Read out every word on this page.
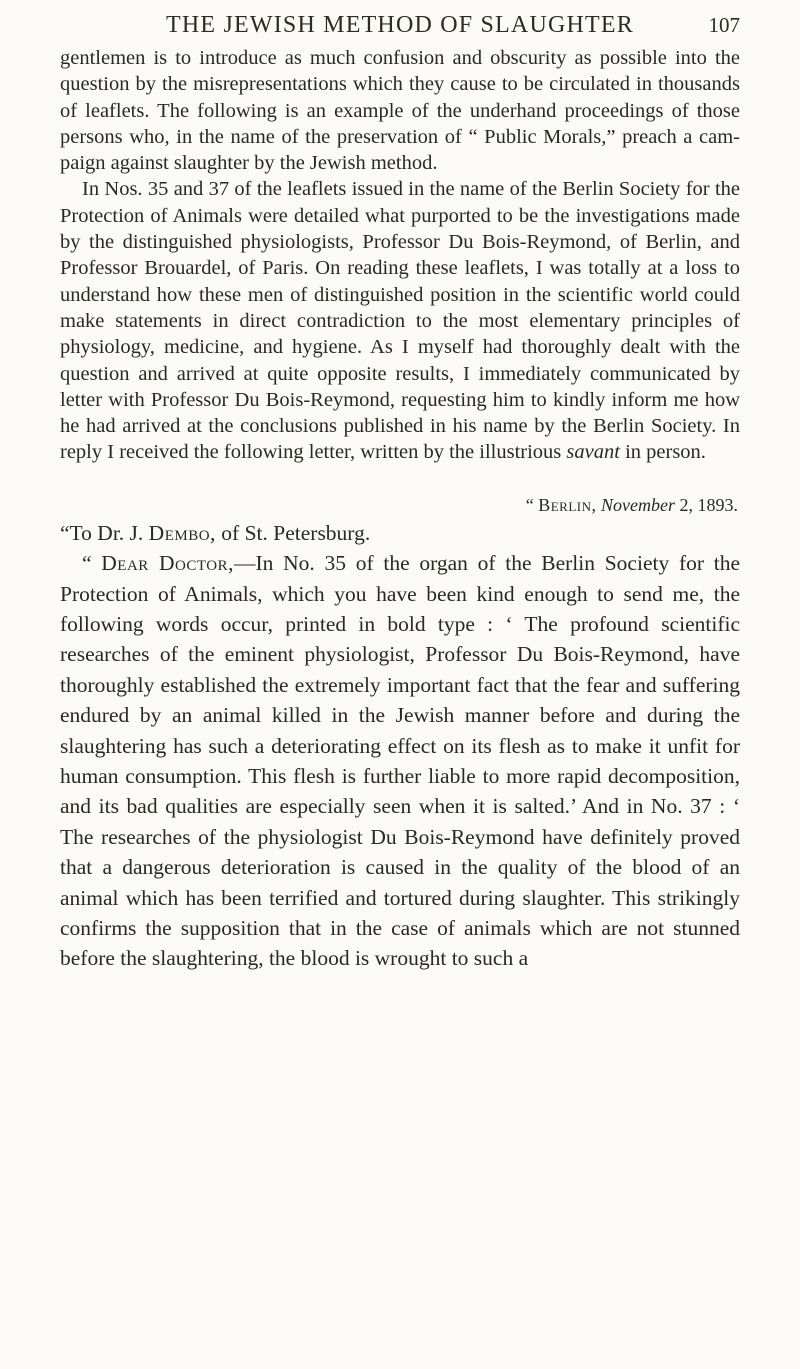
THE JEWISH METHOD OF SLAUGHTER	107

gentlemen is to introduce as much confusion and obscurity as possible into the question by the misrepresentations which they cause to be circulated in thousands of leaflets. The following is an example of the underhand proceedings of those persons who, in the name of the preservation of “ Public Morals,” preach a campaign against slaughter by the Jewish method.

In Nos. 35 and 37 of the leaflets issued in the name of the Berlin Society for the Protection of Animals were detailed what purported to be the investigations made by the distinguished physiologists, Professor Du Bois-Reymond, of Berlin, and Professor Brouardel, of Paris. On reading these leaflets, I was totally at a loss to understand how these men of distinguished position in the scientific world could make statements in direct contradiction to the most elementary principles of physiology, medicine, and hygiene. As I myself had thoroughly dealt with the question and arrived at quite opposite results, I immediately communicated by letter with Professor Du Bois-Reymond, requesting him to kindly inform me how he had arrived at the conclusions published in his name by the Berlin Society. In reply I received the following letter, written by the illustrious savant in person.

“ Berlin, November 2, 1893.

“To Dr. J. Dembo, of St. Petersburg.

“ Dear Doctor,—In No. 35 of the organ of the Berlin Society for the Protection of Animals, which you have been kind enough to send me, the following words occur, printed in bold type : ‘ The profound scientific researches of the eminent physiologist, Professor Du Bois-Reymond, have thoroughly established the extremely important fact that the fear and suffering endured by an animal killed in the Jewish manner before and during the slaughtering has such a deteriorating effect on its flesh as to make it unfit for human consumption. This flesh is further liable to more rapid decomposition, and its bad qualities are especially seen when it is salted.’ And in No. 37 : ‘ The researches of the physiologist Du Bois-Reymond have definitely proved that a dangerous deterioration is caused in the quality of the blood of an animal which has been terrified and tortured during slaughter. This strikingly confirms the supposition that in the case of animals which are not stunned before the slaughtering, the blood is wrought to such a
